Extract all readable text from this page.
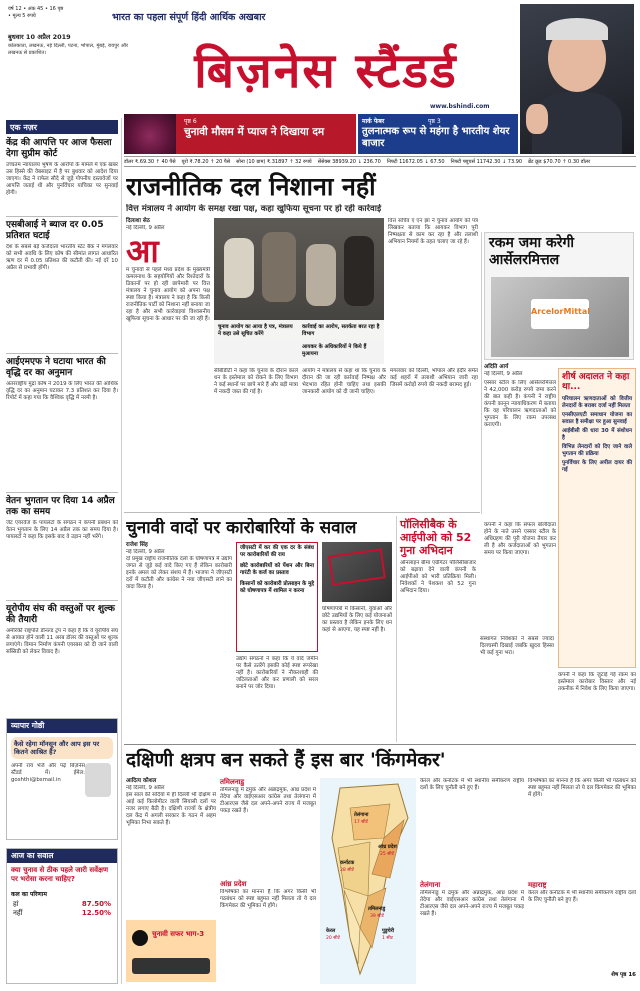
वर्ष 12 • अंक 45 • 16 पृष्ठ
• मूल्य 5 रुपये
बुधवार 10 अप्रैल 2019
कोलकाता, लखनऊ, नई दिल्ली, पटना, भोपाल, मुंबई, रायपुर और लखनऊ से प्रकाशित।
भारत का पहला संपूर्ण हिंदी आर्थिक अखबार
बिज़नेस स्टैंडर्ड
www.bshindi.com
पृष्ठ 6
चुनावी मौसम में प्याज ने दिखाया दम
मार्क फेबर	पृष्ठ 3
तुलनात्मक रूप से महंगा है भारतीय शेयर बाजार
डॉलर ₹.69.30 ↑ 40 पैसे यूरो ₹.78.20 ↑ 20 पैसे सोना (10 ग्राम) ₹.31897 ↑ 32 रुपये सेंसेक्स 38939.20 ↓ 236.70 निफ्टी 11672.05 ↓ 67.50 निफ्टी फ्यूचर्स 11742.30 ↓ 73.90 ब्रेंट क्रूड $70.70 ↑ 0.30 डॉलर
एक नज़र
केंद्र की आपत्ति पर आज फैसला देगा सुप्रीम कोर्ट
उच्चतम न्यायालय भूषण के आरोपों के मामले में एक खबर उस हिस्से की वेबसाइट में है पर बुधवार को आदेश दिया जाएगा। केंद्र ने राफेल सौदे से जुड़े गोपनीय दस्तावेजों पर आपत्ति जताई थी और पुनर्विचार याचिका पर सुनवाई होगी।
एसबीआई ने ब्याज दर 0.05 प्रतिशत घटाई
देश के सबसे बड़े कर्जदाता भारतीय स्टेट बैंक ने मंगलवार को सभी अवधि के लिए कोष की सीमांत लागत आधारित ऋण दर में 0.05 प्रतिशत की कटौती की। नई दरें 10 अप्रैल से प्रभावी होंगी।
आईएमएफ ने घटाया भारत की वृद्धि दर का अनुमान
अंतरराष्ट्रीय मुद्रा कोष ने 2019 के लिए भारत की आर्थिक वृद्धि दर का अनुमान घटाकर 7.3 प्रतिशत कर दिया है। रिपोर्ट में कहा गया कि वैश्विक वृद्धि में नरमी है।
वेतन भुगतान पर दिया 14 अप्रैल तक का समय
जेट एयरवेज के पायलटों के संगठन ने कंपनी प्रबंधन को वेतन भुगतान के लिए 14 अप्रैल तक का समय दिया है। पायलटों ने कहा कि इसके बाद वे उड़ान नहीं भरेंगे।
यूरोपीय संघ की वस्तुओं पर शुल्क की तैयारी
अमेरिकी राष्ट्रपति डॉनल्ड ट्रंप ने कहा है कि वे यूरोपीय संघ से आयात होने वाली 11 अरब डॉलर की वस्तुओं पर शुल्क लगाएंगे। विमान निर्माण कंपनी एयरबस को दी जाने वाली सब्सिडी को लेकर विवाद है।
व्यापार गोष्ठी
कैसे रहेगा मॉनसून और आप इस पर कितने आश्रित हैं?
अपनी राय भेजें और पढ़ें बिज़नेस स्टैंडर्ड में। ईमेल: goshthi@bsmail.in
आज का सवाल
क्या चुनाव से ठीक पहले जारी सर्वेक्षण पर भरोसा करना चाहिए?
कल का परिणाम
हां	87.50%
नहीं	12.50%
राजनीतिक दल निशाना नहीं
वित्त मंत्रालय ने आयोग के समक्ष रखा पक्ष, कहा खुफिया सूचना पर हो रही कार्रवाई
दिलाशा सेठ
नई दिल्ली, 9 अप्रैल
आ
म चुनावों से पहले मध्य प्रदेश के मुख्यमंत्री कमलनाथ के सहयोगियों और रिश्तेदारों के ठिकानों पर हो रही छापेमारी पर वित्त मंत्रालय ने चुनाव आयोग को अपना पक्ष स्पष्ट किया है। मंत्रालय ने कहा है कि किसी राजनीतिक पार्टी को निशाना नहीं बनाया जा रहा है और सभी कार्रवाइयां विश्वसनीय खुफिया सूचना के आधार पर की जा रही हैं।
चुनाव आयोग का आया है पत्र, मंत्रालय ने कहा उसे सूचित करेंगे
कार्रवाई का आरोप, सतर्कता बरत रहा है विभाग
आयकर के अधिकारियों ने किये हैं मुआयना
वित्त सचिव ए एन झा ने चुनाव आयोग को पत्र लिखकर बताया कि आयकर विभाग पूरी निष्पक्षता से काम कर रहा है और तलाशी अभियान नियमों के तहत चलाए जा रहे हैं।
सीबीडीटी ने कहा कि चुनाव के दौरान काले धन के इस्तेमाल को रोकने के लिए विभाग ने कई स्थानों पर छापे मारे हैं और बड़ी मात्रा में नकदी जब्त की गई है।
आयोग ने मंत्रालय से कहा था कि चुनाव के दौरान की जा रही कार्रवाई निष्पक्ष और भेदभाव रहित होनी चाहिए तथा इसकी जानकारी आयोग को दी जानी चाहिए।
मंगलवार को दिल्ली, भोपाल और इंदौर समेत कई शहरों में तलाशी अभियान जारी रहा जिसमें करोड़ों रुपये की नकदी बरामद हुई।
रकम जमा करेगी आर्सेलरमित्तल
ArcelorMittal
अदिति आर्य
नई दिल्ली, 9 अप्रैल
एस्सार स्टील के लिए आर्सेलरमित्तल ने 42,000 करोड़ रुपये जमा करने की बात कही है। कंपनी ने राष्ट्रीय कंपनी कानून न्यायाधिकरण में बताया कि वह परिचालन ऋणदाताओं को भुगतान के लिए रकम उपलब्ध कराएगी।
कंपनी ने कहा कि सफल बोलीदाता होने के नाते उसने एस्सार स्टील के अधिग्रहण की पूरी योजना तैयार कर ली है और कर्जदाताओं को भुगतान समय पर किया जाएगा।
शीर्ष अदालत ने कहा था...
परिचालन ऋणदाताओं को वित्तीय लेनदारों के बराबर दर्जा नहीं मिलता
एनसीएलएटी समाधान योजना का सवाल है समीक्षा पर हुआ सुनवाई
आईबीसी की धारा 30 में संशोधन है
विभिन्न लेनदारों को दिए जाने वाले भुगतान की प्रक्रिया
पुनर्विचार के लिए अपील दायर की गई
चुनावी वादों पर कारोबारियों के सवाल
राजेश सिंह
नई दिल्ली, 9 अप्रैल
दो प्रमुख राष्ट्रीय राजनीतिक दलों के घोषणापत्र में उद्योग जगत से जुड़े कई वादे किए गए हैं लेकिन कारोबारी इनके अमल को लेकर संशय में हैं। भाजपा ने जीएसटी दरों में कटौती और कांग्रेस ने नया जीएसटी लाने का वादा किया है।
जीएसटी में कर की एक दर के संबंध पर कारोबारियों की राय
छोटे कारोबारियों को पेंशन और बिना गारंटी के कर्ज का प्रस्ताव
किसानों को कारोबारी प्रोत्साहन के मुद्दे को घोषणापत्र में शामिल न करना
उद्योग संगठनों ने कहा कि ये वादे जमीन पर कैसे उतरेंगे इसकी कोई स्पष्ट रूपरेखा नहीं है। कारोबारियों ने नौकरशाही की जटिलताओं और कर प्रणाली को सरल बनाने पर जोर दिया।
घोषणापत्रों में किसानों, युवाओं और छोटे उद्यमियों के लिए कई योजनाओं का प्रस्ताव है लेकिन इनके लिए धन कहां से आएगा, यह स्पष्ट नहीं है।
पॉलिसीबैक के आईपीओ को 52 गुना अभिदान
ऑनलाइन बीमा एग्रीगेटर पॉलिसीबाजार को बढ़ावा देने वाली कंपनी के आईपीओ को भारी प्रतिक्रिया मिली। निवेशकों ने पेशकश को 52 गुना अभिदान दिया।
संस्थागत निवेशकों ने सबसे ज्यादा दिलचस्पी दिखाई जबकि खुदरा हिस्सा भी कई गुना भरा।
कंपनी ने कहा कि जुटाई गई रकम का इस्तेमाल कारोबार विस्तार और नई तकनीक में निवेश के लिए किया जाएगा।
दक्षिणी क्षत्रप बन सकते हैं इस बार 'किंगमेकर'
आदित्य कौशल
नई दिल्ली, 9 अप्रैल
इस साल की सर्दियों में ही दिल्ली भी दक्षिण से आई कई किलोमीटर वाली सियासी दलों पर नजर लगाए बैठी है। दक्षिणी राज्यों के क्षेत्रीय दल केंद्र में अगली सरकार के गठन में अहम भूमिका निभा सकते हैं।
चुनावी सफर भाग-3
तमिलनाडु
तमिलनाडु में द्रमुक और अन्नाद्रमुक, आंध्र प्रदेश में तेदेपा और वाईएसआर कांग्रेस तथा तेलंगाना में टीआरएस जैसे दल अपने-अपने राज्य में मजबूत पकड़ रखते हैं।
आंध्र प्रदेश
विश्लेषकों का मानना है कि अगर किसी भी गठबंधन को स्पष्ट बहुमत नहीं मिलता तो ये दल किंगमेकर की भूमिका में होंगे।
तेलंगाना
17 सीटें
आंध्र प्रदेश
25 सीटें
कर्नाटक
28 सीटें
तमिलनाडु
39 सीटें
केरल
20 सीटें
पुडुचेरी
1 सीट
केरल और कर्नाटक में भी स्थानीय समीकरण राष्ट्रीय दलों के लिए चुनौती बने हुए हैं।
तेलंगाना
तमिलनाडु में द्रमुक और अन्नाद्रमुक, आंध्र प्रदेश में तेदेपा और वाईएसआर कांग्रेस तथा तेलंगाना में टीआरएस जैसे दल अपने-अपने राज्य में मजबूत पकड़ रखते हैं।
विश्लेषकों का मानना है कि अगर किसी भी गठबंधन को स्पष्ट बहुमत नहीं मिलता तो ये दल किंगमेकर की भूमिका में होंगे।
महाराष्ट्र
केरल और कर्नाटक में भी स्थानीय समीकरण राष्ट्रीय दलों के लिए चुनौती बने हुए हैं।
शेष पृष्ठ 16
